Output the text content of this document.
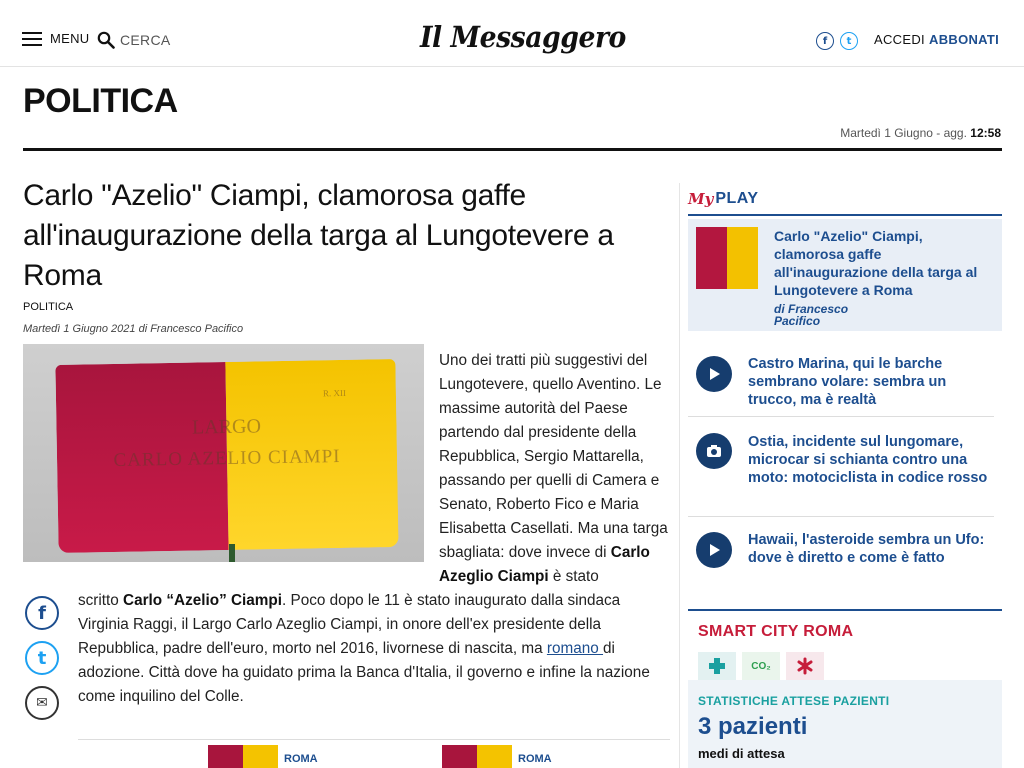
MENU
CERCA	Il Messaggero	f	t	ACCEDI ABBONATI
POLITICA
Martedì 1 Giugno - agg. 12:58
Carlo "Azelio" Ciampi, clamorosa gaffe all'inaugurazione della targa al Lungotevere a Roma
POLITICA
Martedì 1 Giugno 2021 di Francesco Pacifico
R. XII
LARGO
CARLO AZELIO CIAMPI
Uno dei tratti più suggestivi del Lungotevere, quello Aventino. Le massime autorità del Paese partendo dal presidente della Repubblica, Sergio Mattarella, passando per quelli di Camera e Senato, Roberto Fico e Maria Elisabetta Casellati. Ma una targa sbagliata: dove invece di Carlo Azeglio Ciampi è stato
scritto Carlo “Azelio” Ciampi. Poco dopo le 11 è stato inaugurato dalla sindaca Virginia Raggi, il Largo Carlo Azeglio Ciampi, in onore dell'ex presidente della Repubblica, padre dell'euro, morto nel 2016, livornese di nascita, ma romano di adozione. Città dove ha guidato prima la Banca d'Italia, il governo e infine la nazione come inquilino del Colle.
f
t
✉
ROMA	ROMA
My PLAY
Carlo "Azelio" Ciampi, clamorosa gaffe all'inaugurazione della targa al Lungotevere a Roma
di Francesco Pacifico
Castro Marina, qui le barche sembrano volare: sembra un trucco, ma è realtà
Ostia, incidente sul lungomare, microcar si schianta contro una moto: motociclista in codice rosso
Hawaii, l'asteroide sembra un Ufo: dove è diretto e come è fatto
SMART CITY ROMA
CO₂
STATISTICHE ATTESE PAZIENTI
3 pazienti
medi di attesa
